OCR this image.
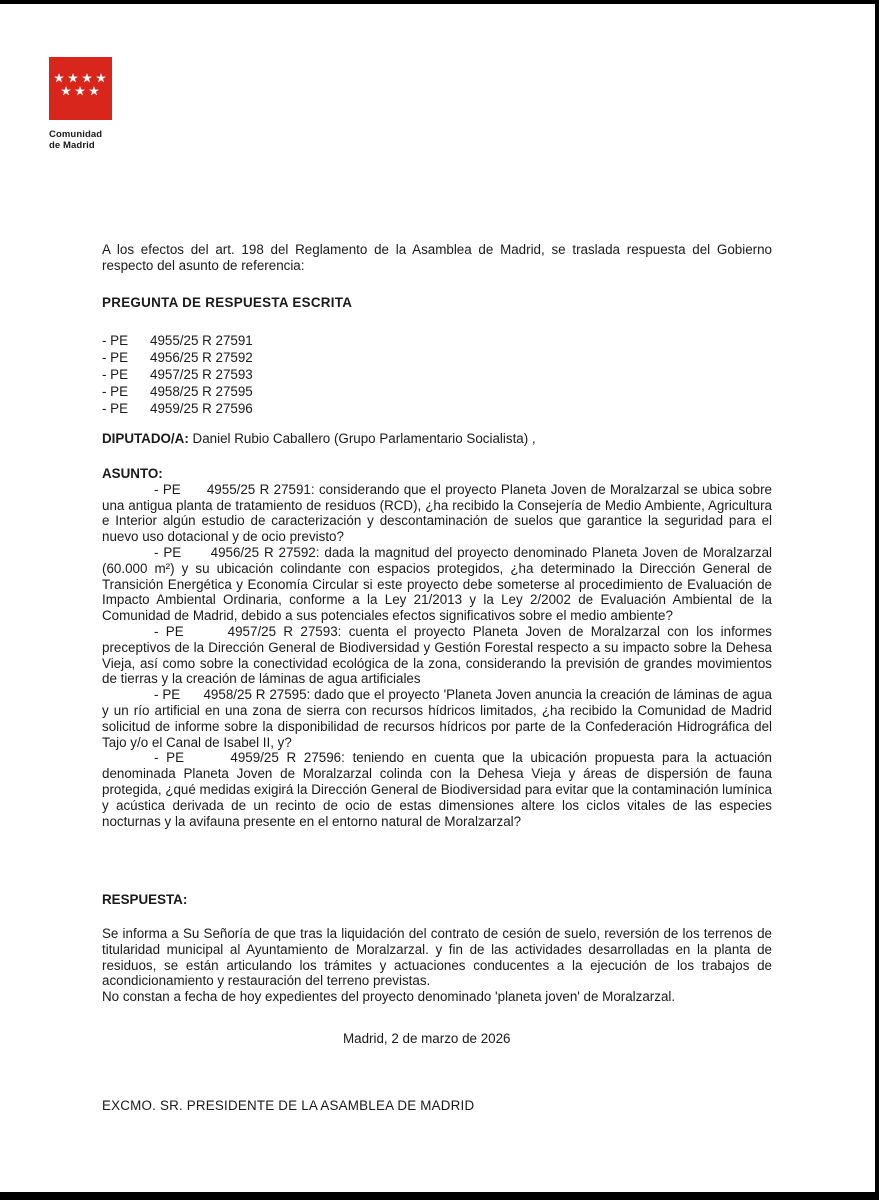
Comunidad
de Madrid
A los efectos del art. 198 del Reglamento de la Asamblea de Madrid, se traslada respuesta del Gobierno respecto del asunto de referencia:
PREGUNTA DE RESPUESTA ESCRITA
- PE	4955/25 R 27591
- PE	4956/25 R 27592
- PE	4957/25 R 27593
- PE	4958/25 R 27595
- PE	4959/25 R 27596
DIPUTADO/A: Daniel Rubio Caballero (Grupo Parlamentario Socialista) ,
ASUNTO:
- PE      4955/25 R 27591: considerando que el proyecto Planeta Joven de Moralzarzal se ubica sobre una antigua planta de tratamiento de residuos (RCD), ¿ha recibido la Consejería de Medio Ambiente, Agricultura e Interior algún estudio de caracterización y descontaminación de suelos que garantice la seguridad para el nuevo uso dotacional y de ocio previsto?
- PE      4956/25 R 27592: dada la magnitud del proyecto denominado Planeta Joven de Moralzarzal (60.000 m²) y su ubicación colindante con espacios protegidos, ¿ha determinado la Dirección General de Transición Energética y Economía Circular si este proyecto debe someterse al procedimiento de Evaluación de Impacto Ambiental Ordinaria, conforme a la Ley 21/2013 y la Ley 2/2002 de Evaluación Ambiental de la Comunidad de Madrid, debido a sus potenciales efectos significativos sobre el medio ambiente?
- PE      4957/25 R 27593: cuenta el proyecto Planeta Joven de Moralzarzal con los informes preceptivos de la Dirección General de Biodiversidad y Gestión Forestal respecto a su impacto sobre la Dehesa Vieja, así como sobre la conectividad ecológica de la zona, considerando la previsión de grandes movimientos de tierras y la creación de láminas de agua artificiales
- PE      4958/25 R 27595: dado que el proyecto 'Planeta Joven anuncia la creación de láminas de agua y un río artificial en una zona de sierra con recursos hídricos limitados, ¿ha recibido la Comunidad de Madrid solicitud de informe sobre la disponibilidad de recursos hídricos por parte de la Confederación Hidrográfica del Tajo y/o el Canal de Isabel II, y?
- PE      4959/25 R 27596: teniendo en cuenta que la ubicación propuesta para la actuación denominada Planeta Joven de Moralzarzal colinda con la Dehesa Vieja y áreas de dispersión de fauna protegida, ¿qué medidas exigirá la Dirección General de Biodiversidad para evitar que la contaminación lumínica y acústica derivada de un recinto de ocio de estas dimensiones altere los ciclos vitales de las especies nocturnas y la avifauna presente en el entorno natural de Moralzarzal?
RESPUESTA:
Se informa a Su Señoría de que tras la liquidación del contrato de cesión de suelo, reversión de los terrenos de titularidad municipal al Ayuntamiento de Moralzarzal. y fin de las actividades desarrolladas en la planta de residuos, se están articulando los trámites y actuaciones conducentes a la ejecución de los trabajos de acondicionamiento y restauración del terreno previstas.
No constan a fecha de hoy expedientes del proyecto denominado 'planeta joven' de Moralzarzal.
Madrid, 2 de marzo de 2026
EXCMO. SR. PRESIDENTE DE LA ASAMBLEA DE MADRID
